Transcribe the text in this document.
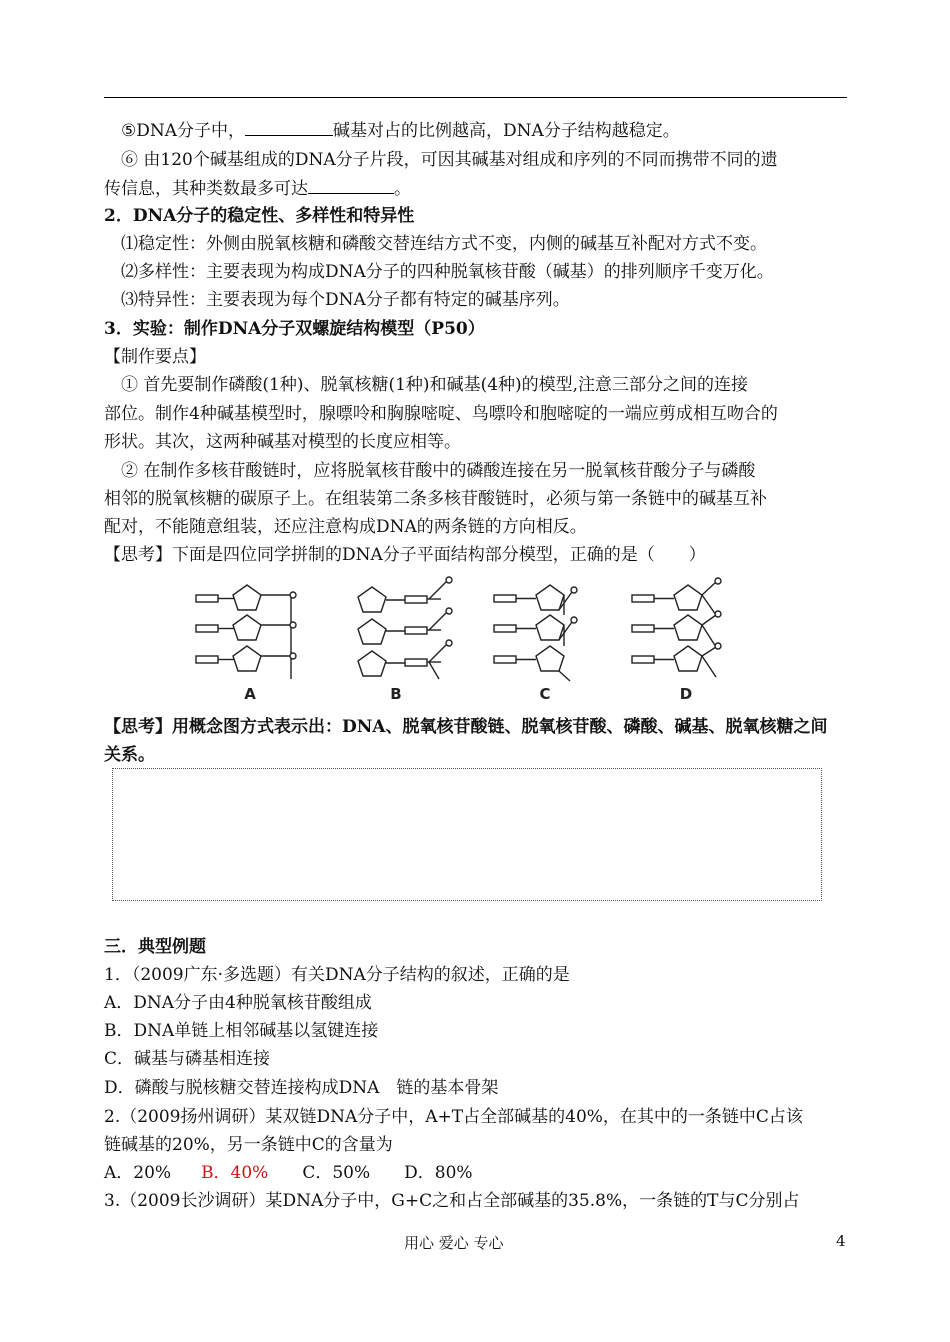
⑤DNA分子中，	碱基对占的比例越高，DNA分子结构越稳定。
⑥ 由120个碱基组成的DNA分子片段，可因其碱基对组成和序列的不同而携带不同的遗
传信息，其种类数最多可达	。
2．DNA分子的稳定性、多样性和特异性
⑴稳定性：外侧由脱氧核糖和磷酸交替连结方式不变，内侧的碱基互补配对方式不变。
⑵多样性：主要表现为构成DNA分子的四种脱氧核苷酸（碱基）的排列顺序千变万化。
⑶特异性：主要表现为每个DNA分子都有特定的碱基序列。
3．实验：制作DNA分子双螺旋结构模型（P50）
【制作要点】
① 首先要制作磷酸(1种)、脱氧核糖(1种)和碱基(4种)的模型,注意三部分之间的连接
部位。制作4种碱基模型时，腺嘌呤和胸腺嘧啶、鸟嘌呤和胞嘧啶的一端应剪成相互吻合的
形状。其次，这两种碱基对模型的长度应相等。
② 在制作多核苷酸链时，应将脱氧核苷酸中的磷酸连接在另一脱氧核苷酸分子与磷酸
相邻的脱氧核糖的碳原子上。在组装第二条多核苷酸链时，必须与第一条链中的碱基互补
配对，不能随意组装，还应注意构成DNA的两条链的方向相反。
【思考】下面是四位同学拼制的DNA分子平面结构部分模型，正确的是（　　）
A	B	C	D
【思考】用概念图方式表示出：DNA、脱氧核苷酸链、脱氧核苷酸、磷酸、碱基、脱氧核糖之间
关系。
三．典型例题
1．（2009广东·多选题）有关DNA分子结构的叙述，正确的是
A．DNA分子由4种脱氧核苷酸组成
B．DNA单链上相邻碱基以氢键连接
C．碱基与磷基相连接
D．磷酸与脱核糖交替连接构成DNA　链的基本骨架
2.（2009扬州调研）某双链DNA分子中，A+T占全部碱基的40%，在其中的一条链中C占该
链碱基的20%，另一条链中C的含量为
A．20% B．40% C．50% D．80%
3.（2009长沙调研）某DNA分子中，G+C之和占全部碱基的35.8%，一条链的T与C分别占
用心 爱心 专心	4
